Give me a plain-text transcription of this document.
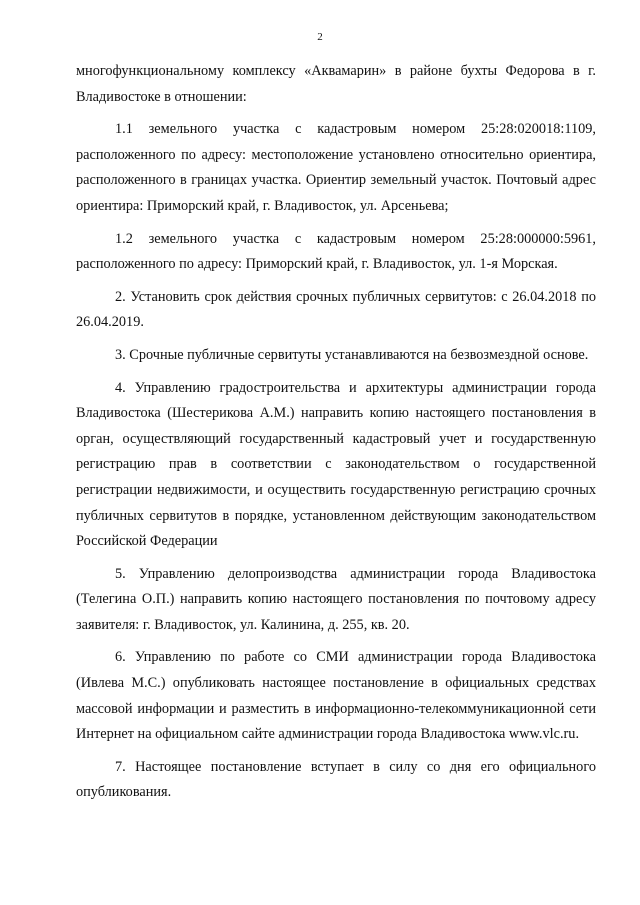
2

многофункциональному комплексу «Аквамарин» в районе бухты Федорова в г. Владивостоке в отношении:

1.1 земельного участка с кадастровым номером 25:28:020018:1109, расположенного по адресу: местоположение установлено относительно ориентира, расположенного в границах участка. Ориентир земельный участок. Почтовый адрес ориентира: Приморский край, г. Владивосток, ул. Арсеньева;

1.2 земельного участка с кадастровым номером 25:28:000000:5961, расположенного по адресу: Приморский край, г. Владивосток, ул. 1-я Морская.

2. Установить срок действия срочных публичных сервитутов: с 26.04.2018 по 26.04.2019.

3. Срочные публичные сервитуты устанавливаются на безвозмездной основе.

4. Управлению градостроительства и архитектуры администрации города Владивостока (Шестерикова А.М.) направить копию настоящего постановления в орган, осуществляющий государственный кадастровый учет и государственную регистрацию прав в соответствии с законодательством о государственной регистрации недвижимости, и осуществить государственную регистрацию срочных публичных сервитутов в порядке, установленном действующим законодательством Российской Федерации

5. Управлению делопроизводства администрации города Владивостока (Телегина О.П.) направить копию настоящего постановления по почтовому адресу заявителя: г. Владивосток, ул. Калинина, д. 255, кв. 20.

6. Управлению по работе со СМИ администрации города Владивостока (Ивлева М.С.) опубликовать настоящее постановление в официальных средствах массовой информации и разместить в информационно-телекоммуникационной сети Интернет на официальном сайте администрации города Владивостока www.vlc.ru.

7. Настоящее постановление вступает в силу со дня его официального опубликования.
